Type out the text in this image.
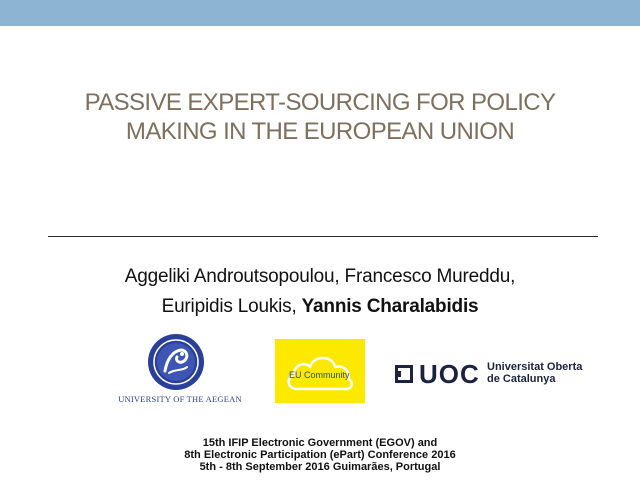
PASSIVE EXPERT-SOURCING FOR POLICY
MAKING IN THE EUROPEAN UNION
Aggeliki Androutsopoulou, Francesco Mureddu,
Euripidis Loukis, Yannis Charalabidis
UNIVERSITY OF THE AEGEAN
EU Community	UOC Universitat Oberta
de Catalunya
15th IFIP Electronic Government (EGOV) and
8th Electronic Participation (ePart) Conference 2016
5th - 8th September 2016 Guimarães, Portugal
